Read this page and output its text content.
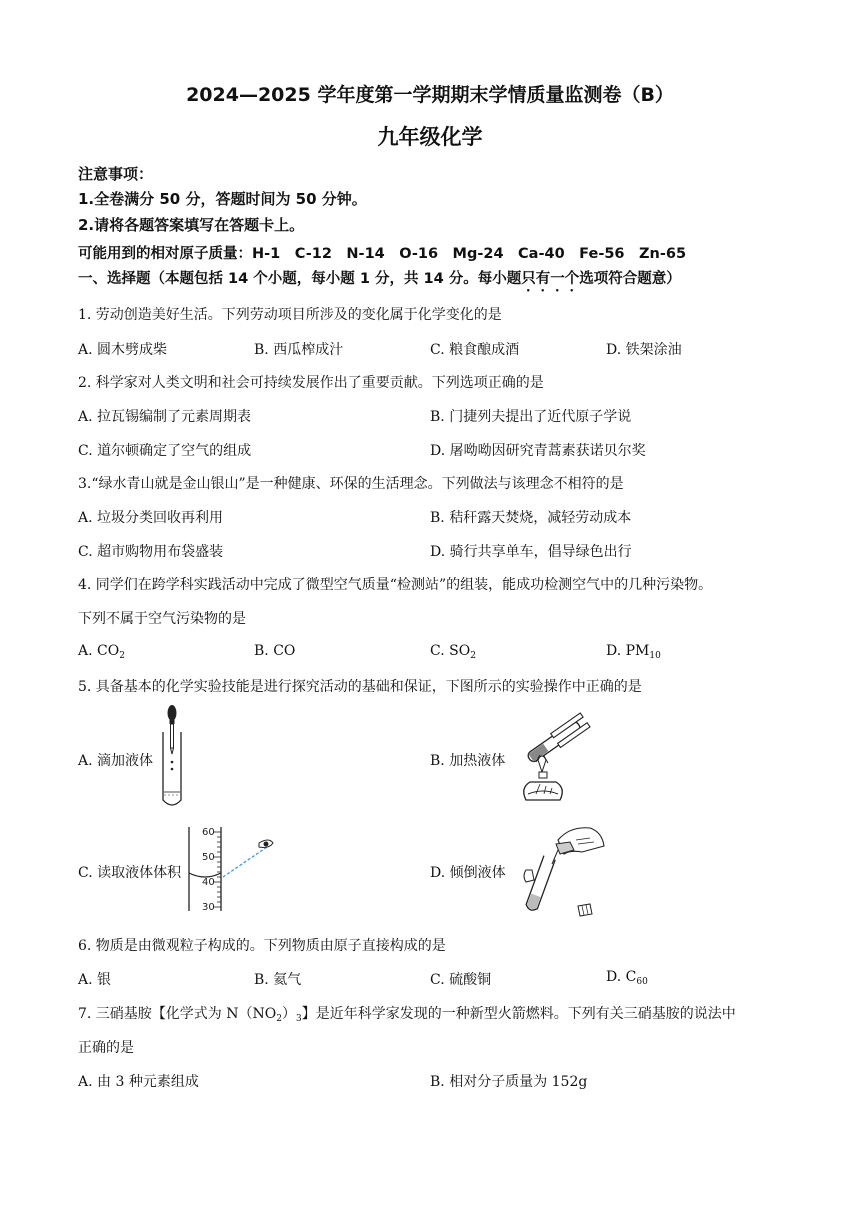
2024—2025 学年度第一学期期末学情质量监测卷（B）
九年级化学
注意事项：
1.全卷满分 50 分，答题时间为 50 分钟。
2.请将各题答案填写在答题卡上。
可能用到的相对原子质量：H-1　C-12　N-14　O-16　Mg-24　Ca-40　Fe-56　Zn-65
一、选择题（本题包括 14 个小题，每小题 1 分，共 14 分。每小题只有一个选项符合题意）
1. 劳动创造美好生活。下列劳动项目所涉及的变化属于化学变化的是
A. 圆木劈成柴	B. 西瓜榨成汁	C. 粮食酿成酒	D. 铁架涂油
2. 科学家对人类文明和社会可持续发展作出了重要贡献。下列选项正确的是
A. 拉瓦锡编制了元素周期表	B. 门捷列夫提出了近代原子学说
C. 道尔顿确定了空气的组成	D. 屠呦呦因研究青蒿素获诺贝尔奖
3.“绿水青山就是金山银山”是一种健康、环保的生活理念。下列做法与该理念不相符的是
A. 垃圾分类回收再利用	B. 秸秆露天焚烧，减轻劳动成本
C. 超市购物用布袋盛装	D. 骑行共享单车，倡导绿色出行
4. 同学们在跨学科实践活动中完成了微型空气质量“检测站”的组装，能成功检测空气中的几种污染物。
下列不属于空气污染物的是
A. $CO_2$	B. CO	C. $SO_2$	D. $PM_{10}$
5. 具备基本的化学实验技能是进行探究活动的基础和保证，下图所示的实验操作中正确的是
A. 滴加液体	B. 加热液体
C. 读取液体体积	D. 倾倒液体
60
50
40
30
6. 物质是由微观粒子构成的。下列物质由原子直接构成的是
A. 银	B. 氦气	C. 硫酸铜	D. $C_{60}$
7. 三硝基胺【化学式为 $N(NO_2)_3$】是近年科学家发现的一种新型火箭燃料。下列有关三硝基胺的说法中
正确的是
A. 由 3 种元素组成	B. 相对分子质量为 152g
